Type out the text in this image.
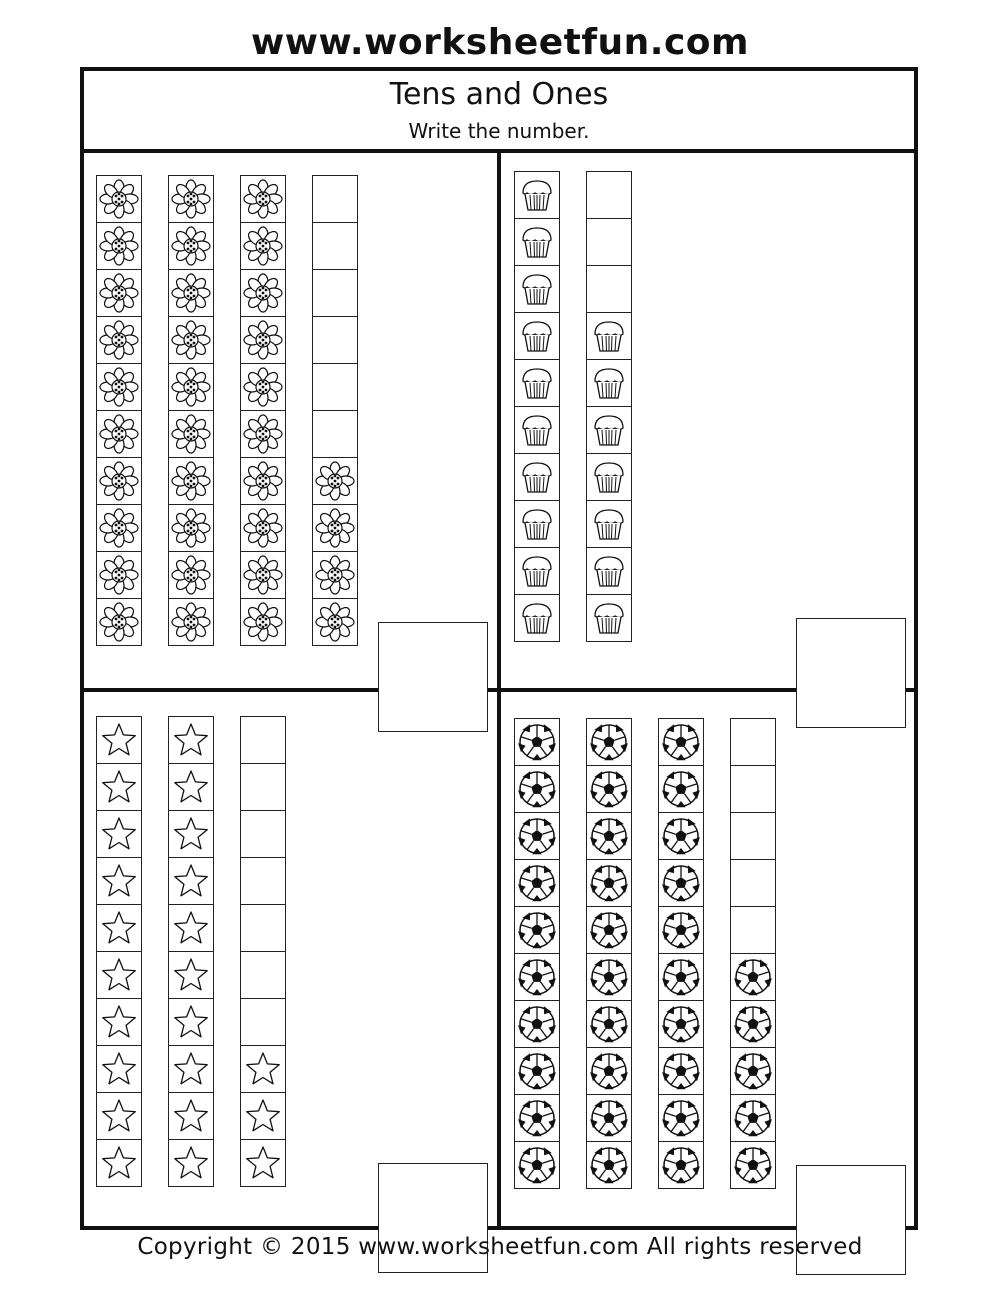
www.worksheetfun.com
Tens and Ones
Write the number.
Copyright © 2015 www.worksheetfun.com All rights reserved
